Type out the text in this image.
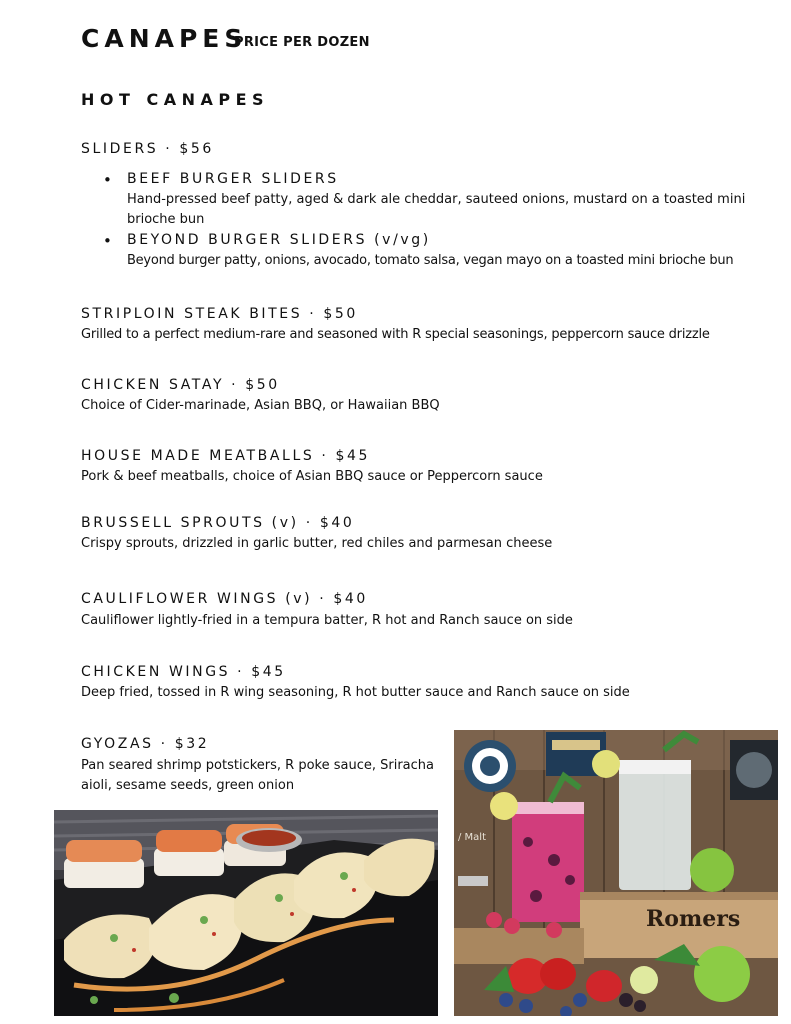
CANAPES
PRICE PER DOZEN
HOT CANAPES
SLIDERS · $56
• BEEF BURGER SLIDERS
Hand-pressed beef patty, aged & dark ale cheddar, sauteed onions, mustard on a toasted mini brioche bun
• BEYOND BURGER SLIDERS (v/vg)
Beyond burger patty, onions, avocado, tomato salsa, vegan mayo on a toasted mini brioche bun
STRIPLOIN STEAK BITES · $50
Grilled to a perfect medium-rare and seasoned with R special seasonings, peppercorn sauce drizzle
CHICKEN SATAY · $50
Choice of Cider-marinade, Asian BBQ, or Hawaiian BBQ
HOUSE MADE MEATBALLS · $45
Pork & beef meatballs, choice of Asian BBQ sauce or Peppercorn sauce
BRUSSELL SPROUTS (v) · $40
Crispy sprouts, drizzled in garlic butter, red chiles and parmesan cheese
CAULIFLOWER WINGS (v) · $40
Cauliflower lightly-fried in a tempura batter, R hot and Ranch sauce on side
CHICKEN WINGS · $45
Deep fried, tossed in R wing seasoning, R hot butter sauce and Ranch sauce on side
GYOZAS · $32
Pan seared shrimp potstickers, R poke sauce, Sriracha aioli, sesame seeds, green onion
/ Malt
Romers
